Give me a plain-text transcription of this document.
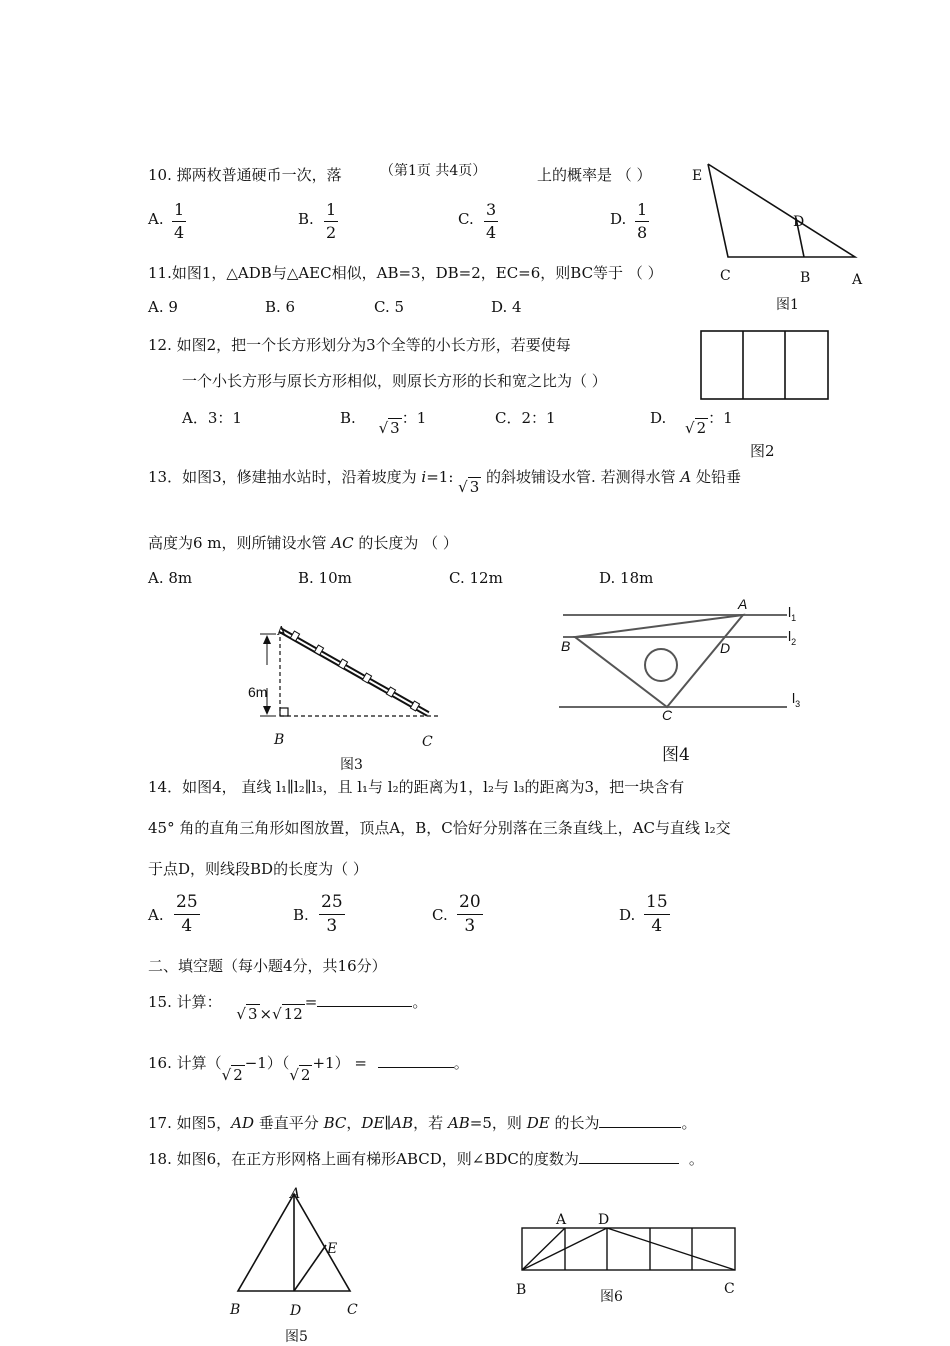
10. 掷两枚普通硬币一次，落	（第1页 共4页）	上的概率是 （ ）
A. $\frac{1}{4}$	B. $\frac{1}{2}$	C. $\frac{3}{4}$	D. $\frac{1}{8}$
E
D
C	B	A
图1
11.如图1，△ADB与△AEC相似，AB=3，DB=2，EC=6，则BC等于 （ ）
A. 9	B. 6	C. 5	D. 4
12. 如图2，把一个长方形划分为3个全等的小长方形，若要使每
一个小长方形与原长方形相似，则原长方形的长和宽之比为（ ）
A．3：1	B. √ 3：1	C．2：1	D. √ 2：1
图2
13．如图3，修建抽水站时，沿着坡度为 i=1: √ 3 的斜坡铺设水管. 若测得水管 A 处铅垂
高度为6 m，则所铺设水管 AC 的长度为 （ ）
A. 8m	B. 10m	C. 12m	D. 18m
A
6m
B	C
图3
A
B	D
C
$l_1$
$l_2$
$l_3$
图4
14．如图4， 直线 l₁∥l₂∥l₃，且 l₁与 l₂的距离为1，l₂与 l₃的距离为3，把一块含有
45° 角的直角三角形如图放置，顶点A，B，C恰好分别落在三条直线上，AC与直线 l₂交
于点D，则线段BD的长度为（ ）
A. $\frac{25}{4}$	B. $\frac{25}{3}$	C. $\frac{20}{3}$	D. $\frac{15}{4}$
二、填空题（每小题4分，共16分）
15. 计算： √ 3 ×√ 12=	。
16. 计算（√ 2−1）（√ 2+1） =	。
17. 如图5，AD 垂直平分 BC，DE∥AB，若 AB=5，则 DE 的长为	。
18. 如图6，在正方形网格上画有梯形ABCD，则∠BDC的度数为	。
A
E
B	D	C
图5
A D
B	C
图6
